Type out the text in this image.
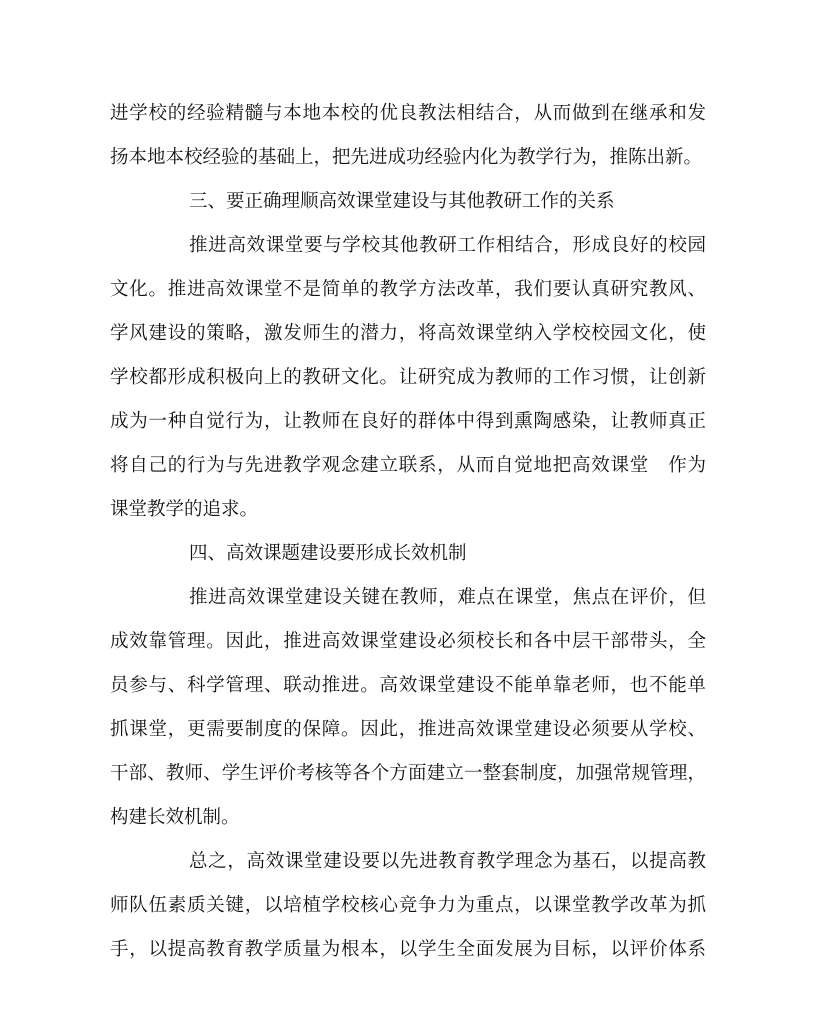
进学校的经验精髓与本地本校的优良教法相结合，从而做到在继承和发
扬本地本校经验的基础上，把先进成功经验内化为教学行为，推陈出新。
三、要正确理顺高效课堂建设与其他教研工作的关系
推进高效课堂要与学校其他教研工作相结合，形成良好的校园
文化。推进高效课堂不是简单的教学方法改革，我们要认真研究教风、
学风建设的策略，激发师生的潜力，将高效课堂纳入学校校园文化，使
学校都形成积极向上的教研文化。让研究成为教师的工作习惯，让创新
成为一种自觉行为，让教师在良好的群体中得到熏陶感染，让教师真正
将自己的行为与先进教学观念建立联系，从而自觉地把高效课堂　作为
课堂教学的追求。
四、高效课题建设要形成长效机制
推进高效课堂建设关键在教师，难点在课堂，焦点在评价，但
成效靠管理。因此，推进高效课堂建设必须校长和各中层干部带头，全
员参与、科学管理、联动推进。高效课堂建设不能单靠老师，也不能单
抓课堂，更需要制度的保障。因此，推进高效课堂建设必须要从学校、
干部、教师、学生评价考核等各个方面建立一整套制度，加强常规管理，
构建长效机制。
总之，高效课堂建设要以先进教育教学理念为基石，以提高教
师队伍素质关键，以培植学校核心竞争力为重点，以课堂教学改革为抓
手，以提高教育教学质量为根本，以学生全面发展为目标，以评价体系
